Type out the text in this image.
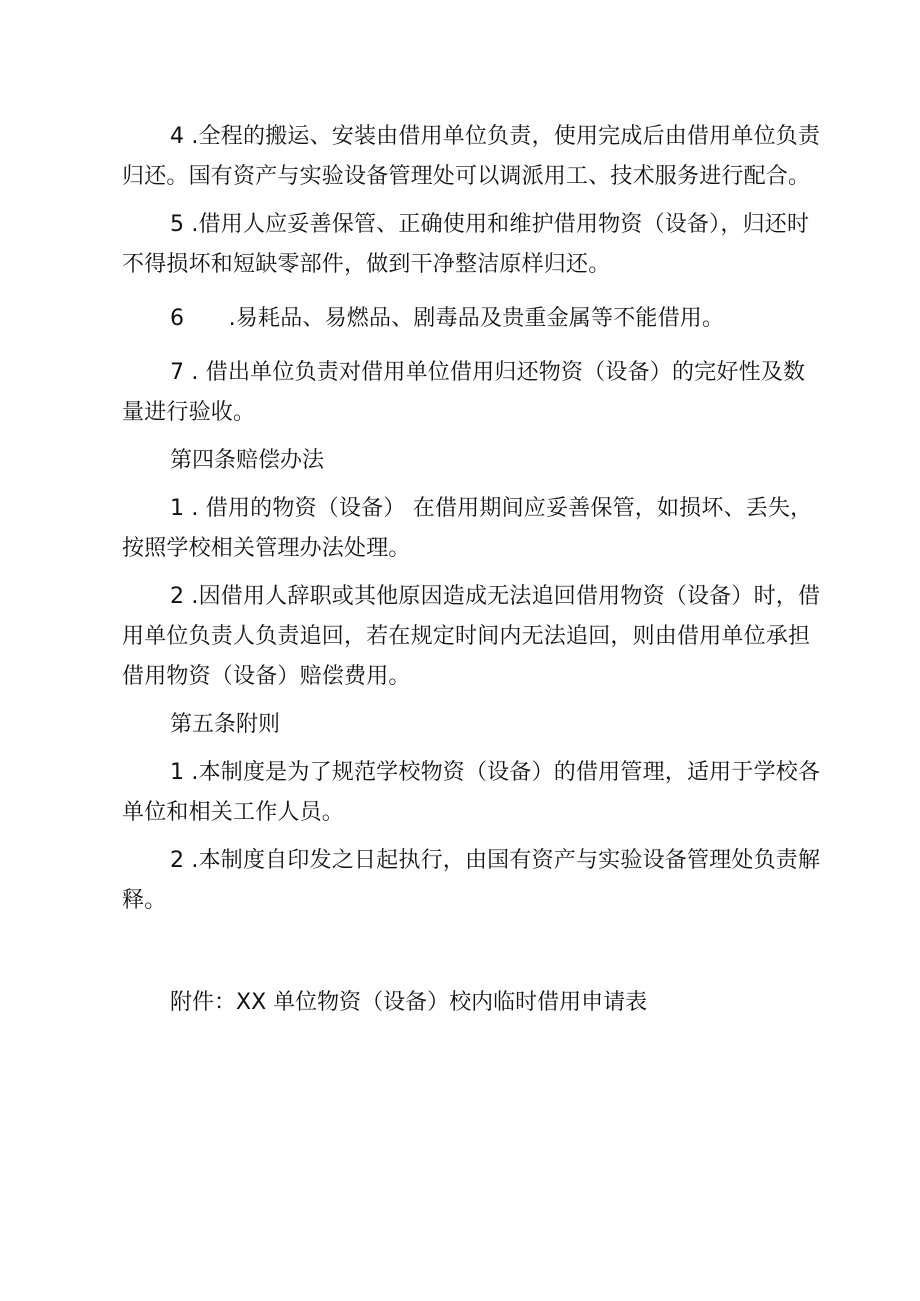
4 .全程的搬运、安装由借用单位负责，使用完成后由借用单位负责归还。国有资产与实验设备管理处可以调派用工、技术服务进行配合。

5 .借用人应妥善保管、正确使用和维护借用物资（设备），归还时不得损坏和短缺零部件，做到干净整洁原样归还。

6　　.易耗品、易燃品、剧毒品及贵重金属等不能借用。

7 . 借出单位负责对借用单位借用归还物资（设备）的完好性及数量进行验收。

第四条赔偿办法

1 . 借用的物资（设备） 在借用期间应妥善保管，如损坏、丢失，按照学校相关管理办法处理。

2 .因借用人辞职或其他原因造成无法追回借用物资（设备）时，借用单位负责人负责追回，若在规定时间内无法追回，则由借用单位承担借用物资（设备）赔偿费用。

第五条附则

1 .本制度是为了规范学校物资（设备）的借用管理，适用于学校各单位和相关工作人员。

2 .本制度自印发之日起执行，由国有资产与实验设备管理处负责解释。

附件：XX 单位物资（设备）校内临时借用申请表
